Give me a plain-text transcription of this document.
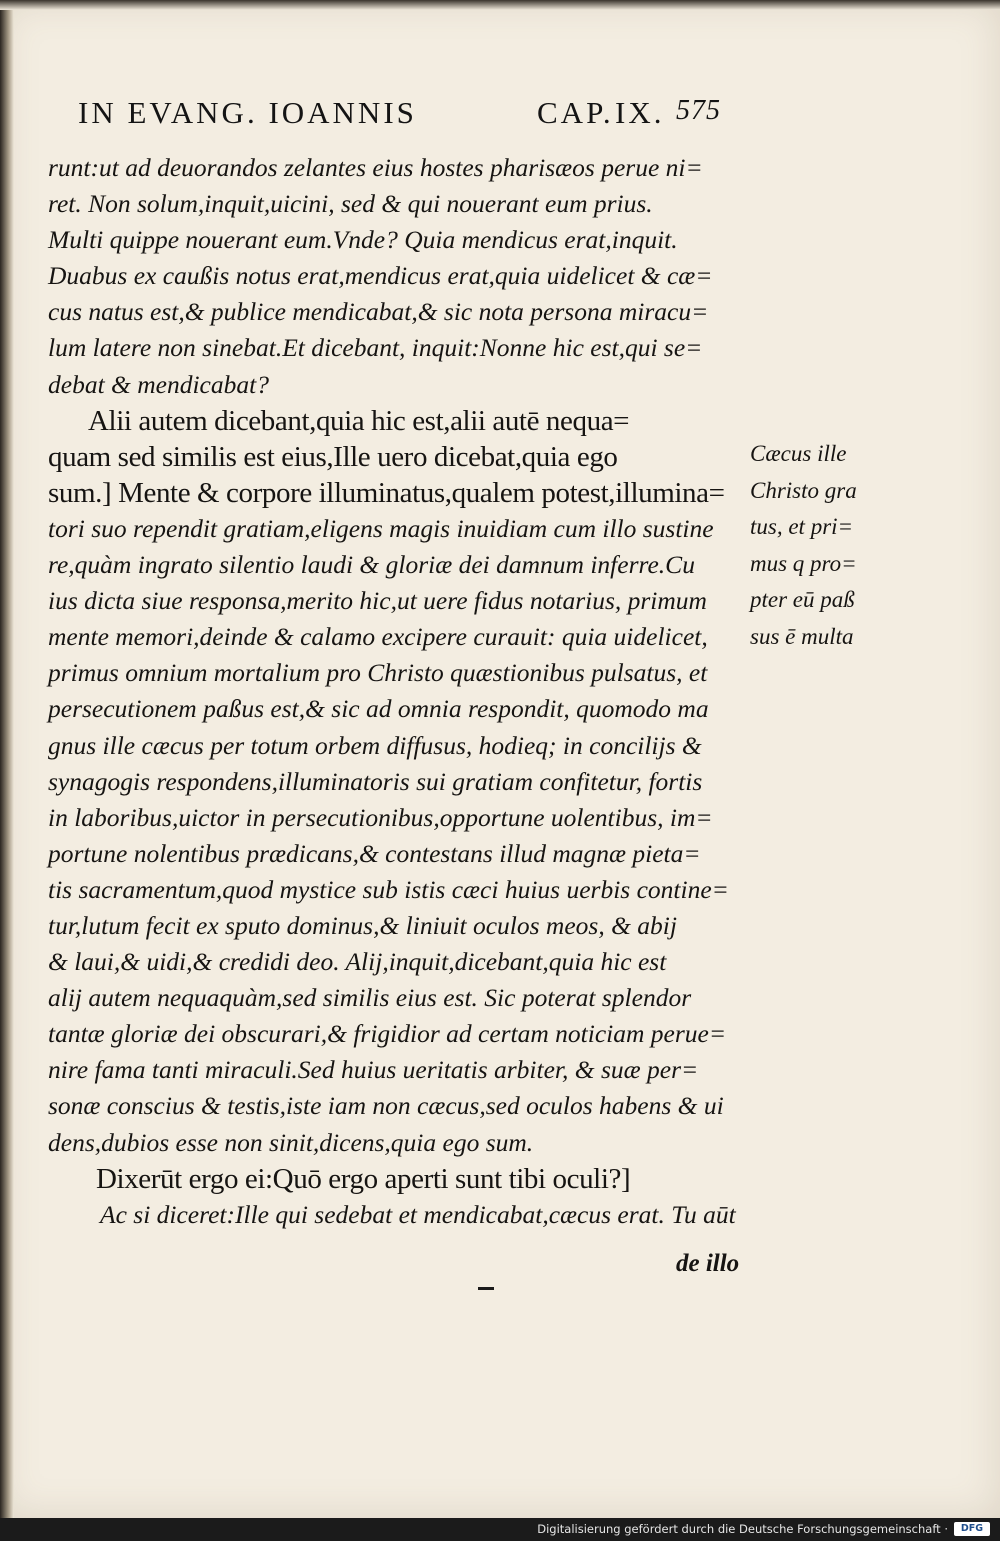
IN EVANG. IOANNIS	CAP. IX. 575
runt:ut ad deuorandos zelantes eius hostes pharisæos perue ni=
ret. Non solum,inquit,uicini, sed & qui nouerant eum prius.
Multi quippe nouerant eum.Vnde? Quia mendicus erat,inquit.
Duabus ex caußis notus erat,mendicus erat,quia uidelicet & cæ=
cus natus est,& publice mendicabat,& sic nota persona miracu=
lum latere non sinebat.Et dicebant, inquit:Nonne hic est,qui se=
debat & mendicabat?
Alii autem dicebant,quia hic est,alii autē nequa=
quam sed similis est eius,Ille uero dicebat,quia ego
sum.] Mente & corpore illuminatus,qualem potest,illumina=
tori suo rependit gratiam,eligens magis inuidiam cum illo sustine
re,quàm ingrato silentio laudi & gloriæ dei damnum inferre.Cu
ius dicta siue responsa,merito hic,ut uere fidus notarius, primum
mente memori,deinde & calamo excipere curauit: quia uidelicet,
primus omnium mortalium pro Christo quæstionibus pulsatus, et
persecutionem paßus est,& sic ad omnia respondit, quomodo ma
gnus ille cæcus per totum orbem diffusus, hodieq; in concilijs &
synagogis respondens,illuminatoris sui gratiam confitetur, fortis
in laboribus,uictor in persecutionibus,opportune uolentibus, im=
portune nolentibus prædicans,& contestans illud magnæ pieta=
tis sacramentum,quod mystice sub istis cæci huius uerbis contine=
tur,lutum fecit ex sputo dominus,& liniuit oculos meos, & abij
& laui,& uidi,& credidi deo. Alij,inquit,dicebant,quia hic est
alij autem nequaquàm,sed similis eius est. Sic poterat splendor
tantæ gloriæ dei obscurari,& frigidior ad certam noticiam perue=
nire fama tanti miraculi.Sed huius ueritatis arbiter, & suæ per=
sonæ conscius & testis,iste iam non cæcus,sed oculos habens & ui
dens,dubios esse non sinit,dicens,quia ego sum.
Dixerūt ergo ei:Quō ergo aperti sunt tibi oculi?]
Ac si diceret:Ille qui sedebat et mendicabat,cæcus erat. Tu aūt
Cæcus ille
Christo gra
tus, et pri=
mus q pro=
pter eū paß
sus ē multa
de illo
Digitalisierung gefördert durch die Deutsche Forschungsgemeinschaft ·	DFG
